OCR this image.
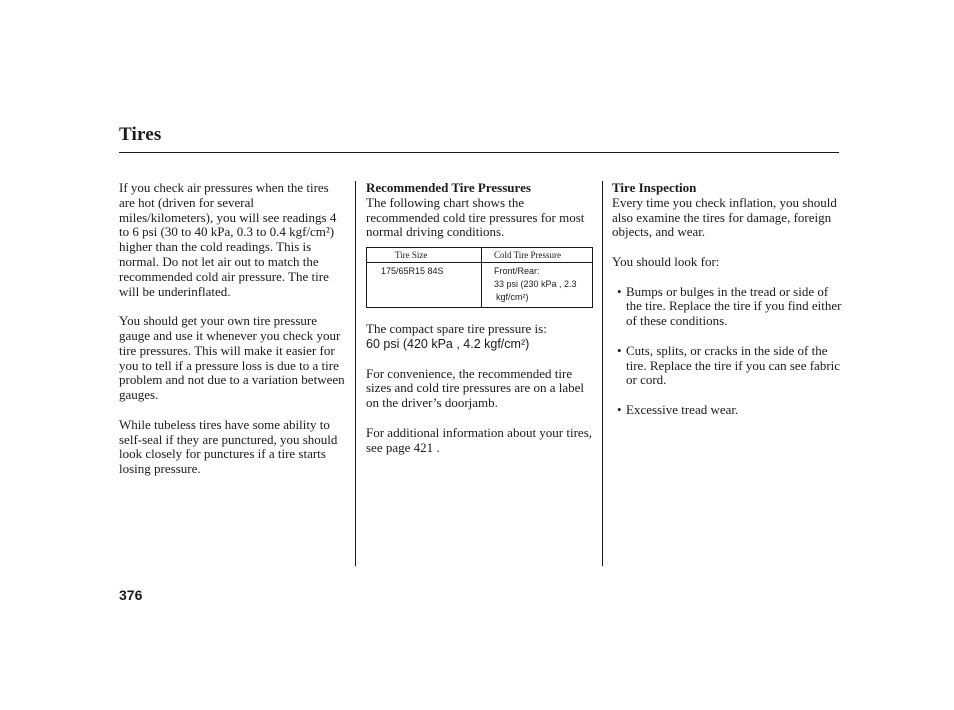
Tires

If you check air pressures when the tires are hot (driven for several miles/kilometers), you will see readings 4 to 6 psi (30 to 40 kPa, 0.3 to 0.4 kgf/cm²) higher than the cold readings. This is normal. Do not let air out to match the recommended cold air pressure. The tire will be underinflated.

You should get your own tire pressure gauge and use it whenever you check your tire pressures. This will make it easier for you to tell if a pressure loss is due to a tire problem and not due to a variation between gauges.

While tubeless tires have some ability to self-seal if they are punctured, you should look closely for punctures if a tire starts losing pressure.

Recommended Tire Pressures

The following chart shows the recommended cold tire pressures for most normal driving conditions.

Tire Size	Cold Tire Pressure
175/65R15 84S	Front/Rear:
33 psi (230 kPa , 2.3
kgf/cm²)
The compact spare tire pressure is:

60 psi (420 kPa , 4.2 kgf/cm²)

For convenience, the recommended tire sizes and cold tire pressures are on a label on the driver’s doorjamb.

For additional information about your tires, see page 421 .

Tire Inspection

Every time you check inflation, you should also examine the tires for damage, foreign objects, and wear.

You should look for:

• Bumps or bulges in the tread or side of the tire. Replace the tire if you find either of these conditions.
• Cuts, splits, or cracks in the side of the tire. Replace the tire if you can see fabric or cord.
• Excessive tread wear.
376
